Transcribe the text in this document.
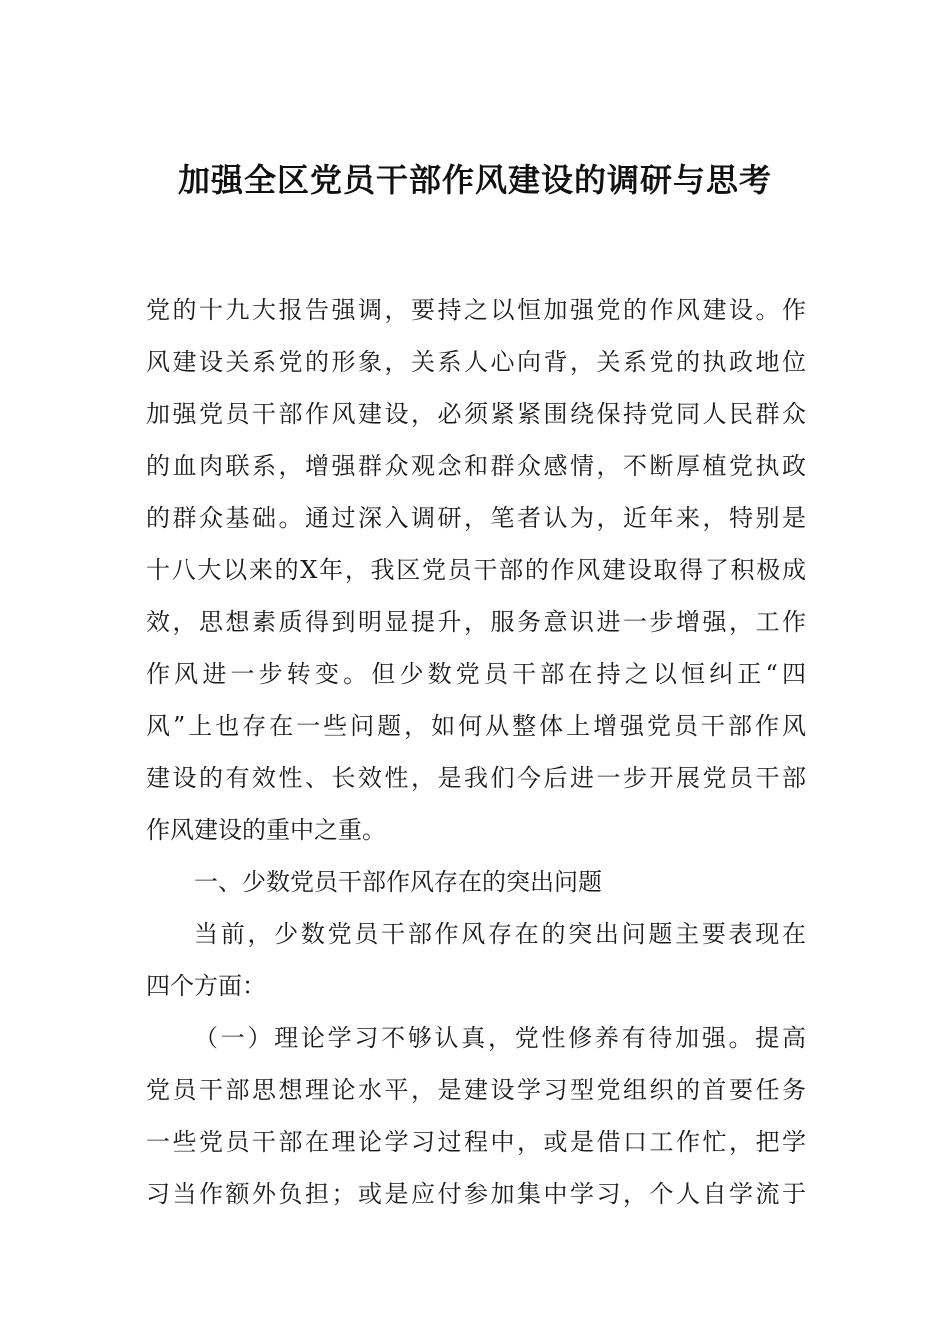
加强全区党员干部作风建设的调研与思考
党的十九大报告强调，要持之以恒加强党的作风建设。作
风建设关系党的形象，关系人心向背，关系党的执政地位
加强党员干部作风建设，必须紧紧围绕保持党同人民群众
的血肉联系，增强群众观念和群众感情，不断厚植党执政
的群众基础。通过深入调研，笔者认为，近年来，特别是
十八大以来的X年，我区党员干部的作风建设取得了积极成
效，思想素质得到明显提升，服务意识进一步增强，工作
作风进一步转变。但少数党员干部在持之以恒纠正“四
风”上也存在一些问题，如何从整体上增强党员干部作风
建设的有效性、长效性，是我们今后进一步开展党员干部
作风建设的重中之重。
一、少数党员干部作风存在的突出问题
当前，少数党员干部作风存在的突出问题主要表现在
四个方面：
（一）理论学习不够认真，党性修养有待加强。提高
党员干部思想理论水平，是建设学习型党组织的首要任务
一些党员干部在理论学习过程中，或是借口工作忙，把学
习当作额外负担；或是应付参加集中学习，个人自学流于
